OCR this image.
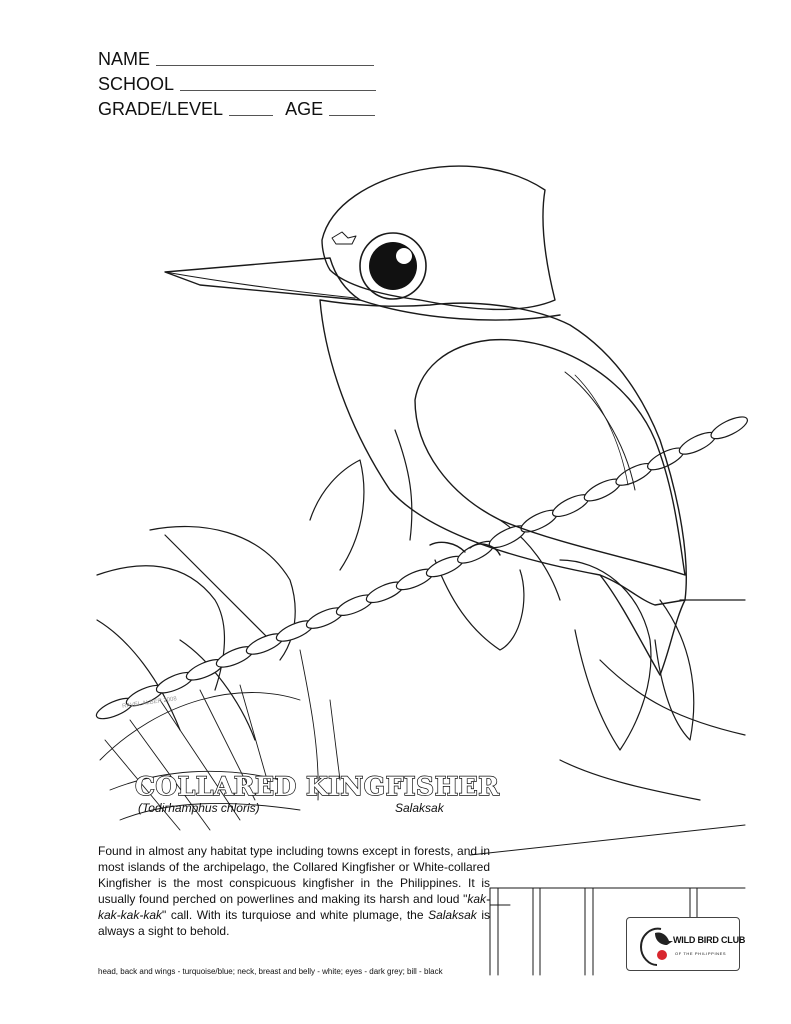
NAME
SCHOOL
GRADE/LEVEL	AGE
RAVEL ALBER 2008
COLLARED KINGFISHER
(Todirhamphus chloris)	Salaksak
Found in almost any habitat type including towns except in forests, and in most islands of the archipelago, the Collared Kingfisher or White-collared Kingfisher is the most conspicuous kingfisher in the Philippines. It is usually found perched on powerlines and making its harsh and loud "kak-kak-kak-kak" call. With its turquiose and white plumage, the Salaksak is always a sight to behold.
head, back and wings - turquoise/blue; neck, breast and belly - white; eyes - dark grey; bill - black
WILD BIRD CLUB
OF THE PHILIPPINES
